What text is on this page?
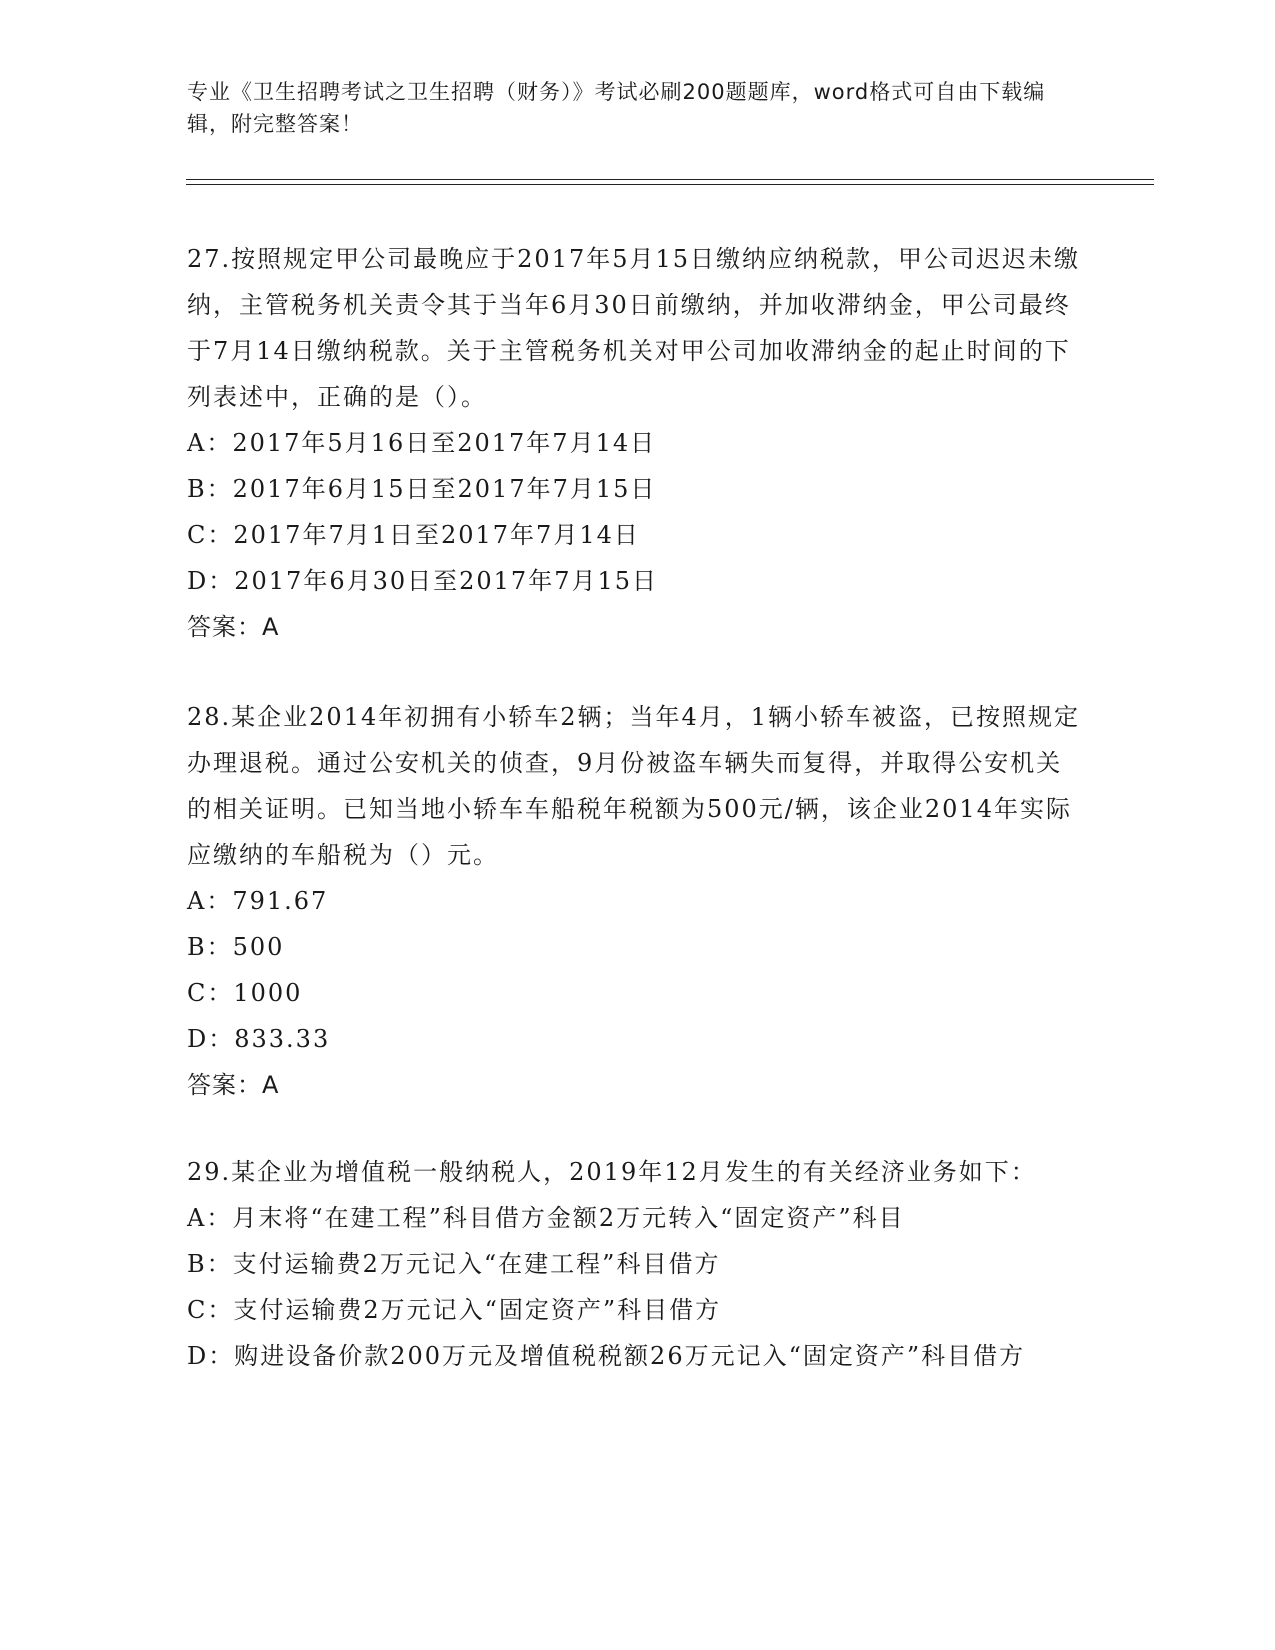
专业《卫生招聘考试之卫生招聘（财务）》考试必刷200题题库，word格式可自由下载编辑，附完整答案！

27.按照规定甲公司最晚应于2017年5月15日缴纳应纳税款，甲公司迟迟未缴纳，主管税务机关责令其于当年6月30日前缴纳，并加收滞纳金，甲公司最终于7月14日缴纳税款。关于主管税务机关对甲公司加收滞纳金的起止时间的下列表述中，正确的是（）。

A：2017年5月16日至2017年7月14日

B：2017年6月15日至2017年7月15日

C：2017年7月1日至2017年7月14日

D：2017年6月30日至2017年7月15日

答案：A

28.某企业2014年初拥有小轿车2辆；当年4月，1辆小轿车被盗，已按照规定办理退税。通过公安机关的侦查，9月份被盗车辆失而复得，并取得公安机关的相关证明。已知当地小轿车车船税年税额为500元/辆，该企业2014年实际应缴纳的车船税为（）元。

A：791.67

B：500

C：1000

D：833.33

答案：A

29.某企业为增值税一般纳税人，2019年12月发生的有关经济业务如下：

A：月末将“在建工程”科目借方金额2万元转入“固定资产”科目

B：支付运输费2万元记入“在建工程”科目借方

C：支付运输费2万元记入“固定资产”科目借方

D：购进设备价款200万元及增值税税额26万元记入“固定资产”科目借方
